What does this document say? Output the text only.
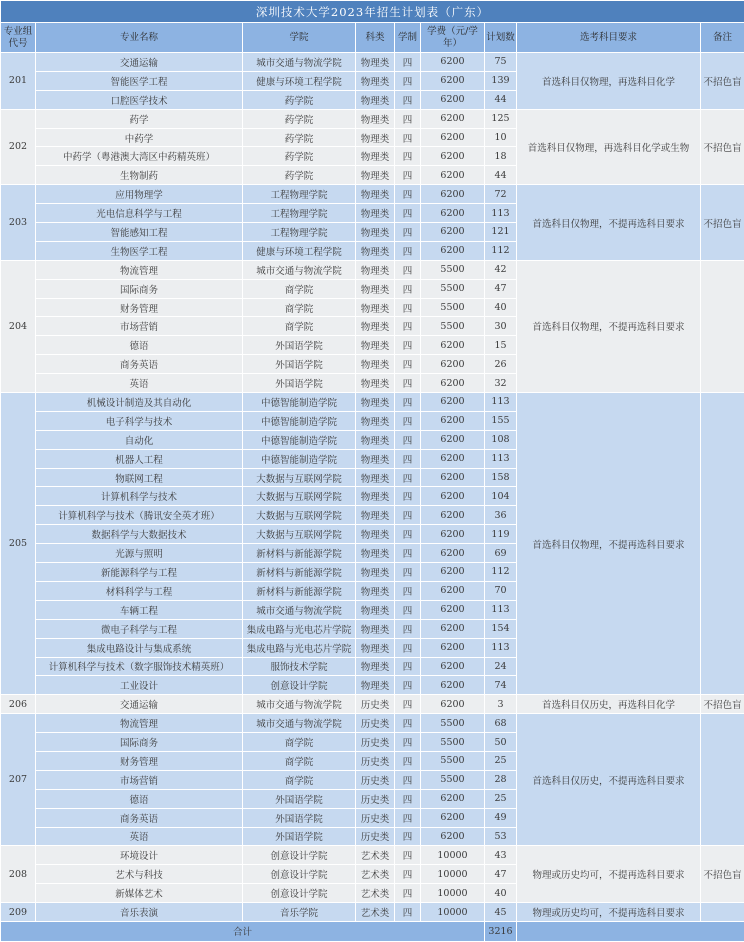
深圳技术大学2023年招生计划表（广东）								
专业组代号	专业名称	学院	科类	学制	学费（元/学年）	计划数	选考科目要求	备注
201	交通运输	城市交通与物流学院	物理类	四	6200	75	首选科目仅物理，再选科目化学	不招色盲
	智能医学工程	健康与环境工程学院	物理类	四	6200	139		
	口腔医学技术	药学院	物理类	四	6200	44		
202	药学	药学院	物理类	四	6200	125	首选科目仅物理，再选科目化学或生物	不招色盲
	中药学	药学院	物理类	四	6200	10		
	中药学（粤港澳大湾区中药精英班）	药学院	物理类	四	6200	18		
	生物制药	药学院	物理类	四	6200	44		
203	应用物理学	工程物理学院	物理类	四	6200	72	首选科目仅物理，不提再选科目要求	不招色盲
	光电信息科学与工程	工程物理学院	物理类	四	6200	113		
	智能感知工程	工程物理学院	物理类	四	6200	121		
	生物医学工程	健康与环境工程学院	物理类	四	6200	112		
204	物流管理	城市交通与物流学院	物理类	四	5500	42	首选科目仅物理，不提再选科目要求	
	国际商务	商学院	物理类	四	5500	47		
	财务管理	商学院	物理类	四	5500	40		
	市场营销	商学院	物理类	四	5500	30		
	德语	外国语学院	物理类	四	6200	15		
	商务英语	外国语学院	物理类	四	6200	26		
	英语	外国语学院	物理类	四	6200	32		
205	机械设计制造及其自动化	中德智能制造学院	物理类	四	6200	113	首选科目仅物理，不提再选科目要求	
	电子科学与技术	中德智能制造学院	物理类	四	6200	155		
	自动化	中德智能制造学院	物理类	四	6200	108		
	机器人工程	中德智能制造学院	物理类	四	6200	113		
	物联网工程	大数据与互联网学院	物理类	四	6200	158		
	计算机科学与技术	大数据与互联网学院	物理类	四	6200	104		
	计算机科学与技术（腾讯安全英才班）	大数据与互联网学院	物理类	四	6200	36		
	数据科学与大数据技术	大数据与互联网学院	物理类	四	6200	119		
	光源与照明	新材料与新能源学院	物理类	四	6200	69		
	新能源科学与工程	新材料与新能源学院	物理类	四	6200	112		
	材料科学与工程	新材料与新能源学院	物理类	四	6200	70		
	车辆工程	城市交通与物流学院	物理类	四	6200	113		
	微电子科学与工程	集成电路与光电芯片学院	物理类	四	6200	154		
	集成电路设计与集成系统	集成电路与光电芯片学院	物理类	四	6200	113		
	计算机科学与技术（数字服饰技术精英班）	服饰技术学院	物理类	四	6200	24		
	工业设计	创意设计学院	物理类	四	6200	74		
206	交通运输	城市交通与物流学院	历史类	四	6200	3	首选科目仅历史，再选科目化学	不招色盲
207	物流管理	城市交通与物流学院	历史类	四	5500	68	首选科目仅历史，不提再选科目要求	
	国际商务	商学院	历史类	四	5500	50		
	财务管理	商学院	历史类	四	5500	25		
	市场营销	商学院	历史类	四	5500	28		
	德语	外国语学院	历史类	四	6200	25		
	商务英语	外国语学院	历史类	四	6200	49		
	英语	外国语学院	历史类	四	6200	53		
208	环境设计	创意设计学院	艺术类	四	10000	43	物理或历史均可，不提再选科目要求	不招色盲
	艺术与科技	创意设计学院	艺术类	四	10000	47		
	新媒体艺术	创意设计学院	艺术类	四	10000	40		
209	音乐表演	音乐学院	艺术类	四	10000	45	物理或历史均可，不提再选科目要求	
合计						3216		
